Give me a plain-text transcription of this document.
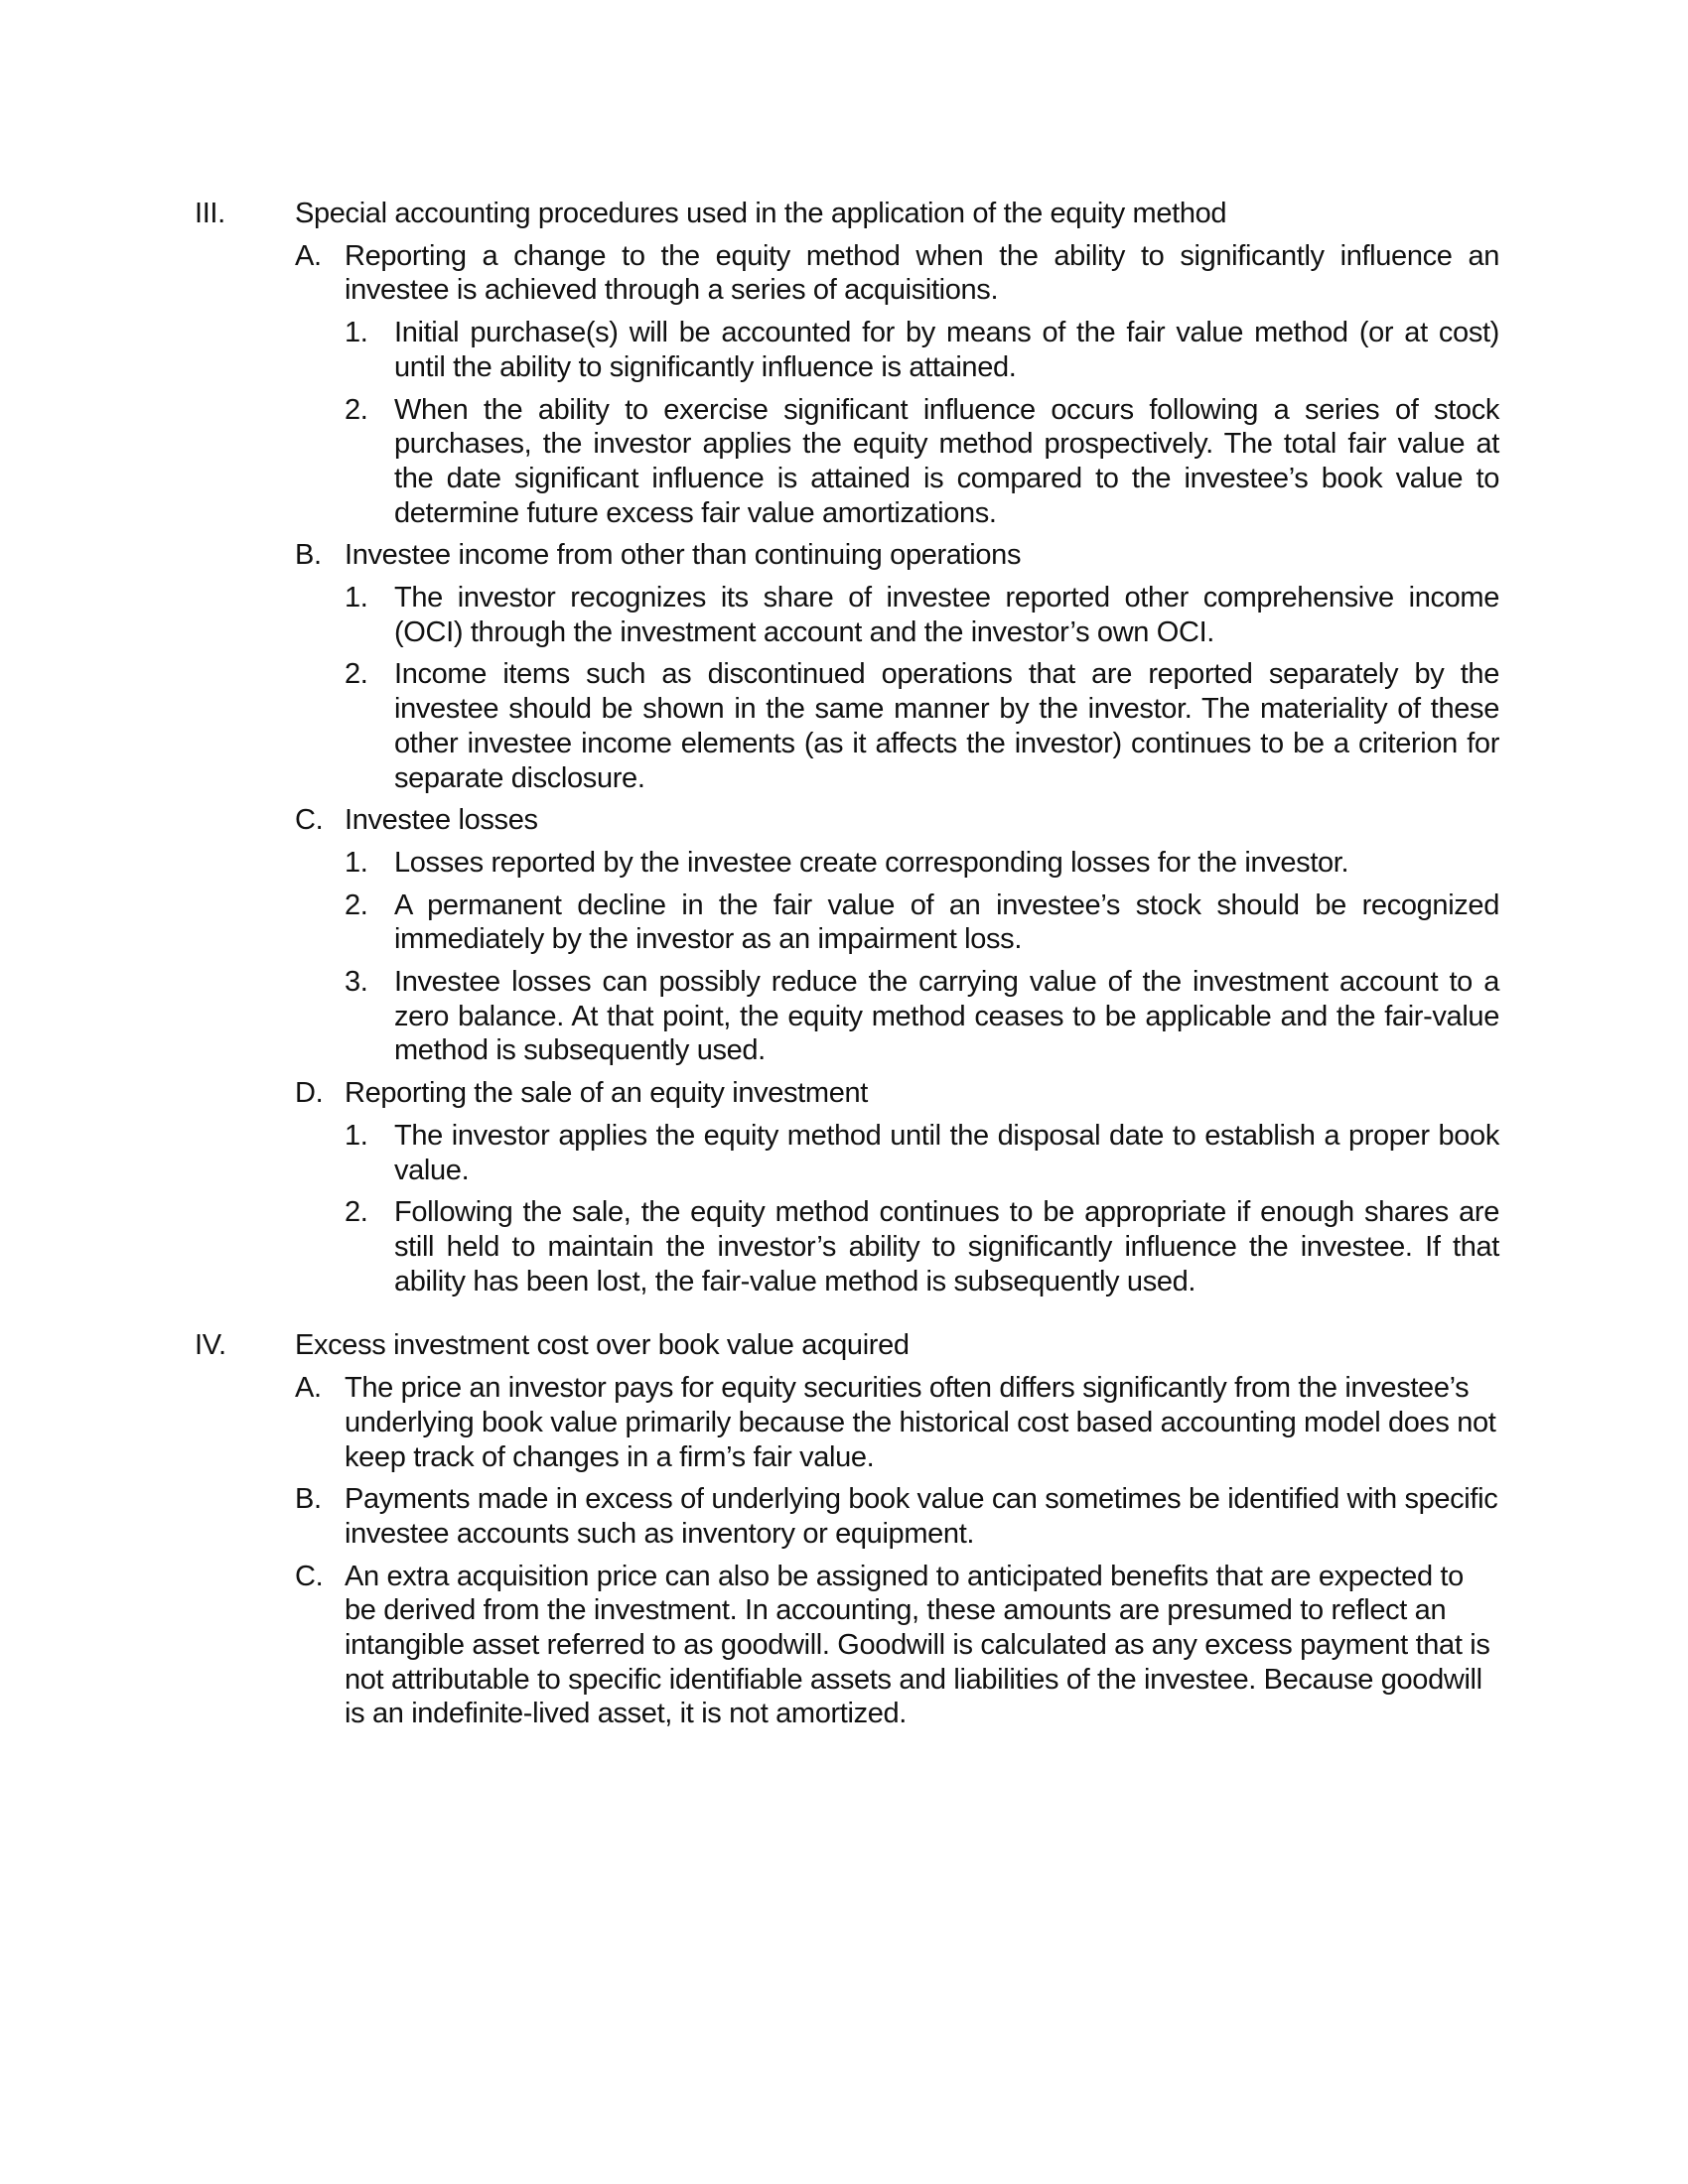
III. Special accounting procedures used in the application of the equity method
A. Reporting a change to the equity method when the ability to significantly influence an investee is achieved through a series of acquisitions.
1. Initial purchase(s) will be accounted for by means of the fair value method (or at cost) until the ability to significantly influence is attained.
2. When the ability to exercise significant influence occurs following a series of stock purchases, the investor applies the equity method prospectively. The total fair value at the date significant influence is attained is compared to the investee’s book value to determine future excess fair value amortizations.
B. Investee income from other than continuing operations
1. The investor recognizes its share of investee reported other comprehensive income (OCI) through the investment account and the investor’s own OCI.
2. Income items such as discontinued operations that are reported separately by the investee should be shown in the same manner by the investor. The materiality of these other investee income elements (as it affects the investor) continues to be a criterion for separate disclosure.
C. Investee losses
1. Losses reported by the investee create corresponding losses for the investor.
2. A permanent decline in the fair value of an investee’s stock should be recognized immediately by the investor as an impairment loss.
3. Investee losses can possibly reduce the carrying value of the investment account to a zero balance. At that point, the equity method ceases to be applicable and the fair-value method is subsequently used.
D. Reporting the sale of an equity investment
1. The investor applies the equity method until the disposal date to establish a proper book value.
2. Following the sale, the equity method continues to be appropriate if enough shares are still held to maintain the investor’s ability to significantly influence the investee. If that ability has been lost, the fair-value method is subsequently used.
IV. Excess investment cost over book value acquired
A. The price an investor pays for equity securities often differs significantly from the investee’s underlying book value primarily because the historical cost based accounting model does not keep track of changes in a firm’s fair value.
B. Payments made in excess of underlying book value can sometimes be identified with specific investee accounts such as inventory or equipment.
C. An extra acquisition price can also be assigned to anticipated benefits that are expected to be derived from the investment. In accounting, these amounts are presumed to reflect an intangible asset referred to as goodwill. Goodwill is calculated as any excess payment that is not attributable to specific identifiable assets and liabilities of the investee. Because goodwill is an indefinite-lived asset, it is not amortized.
